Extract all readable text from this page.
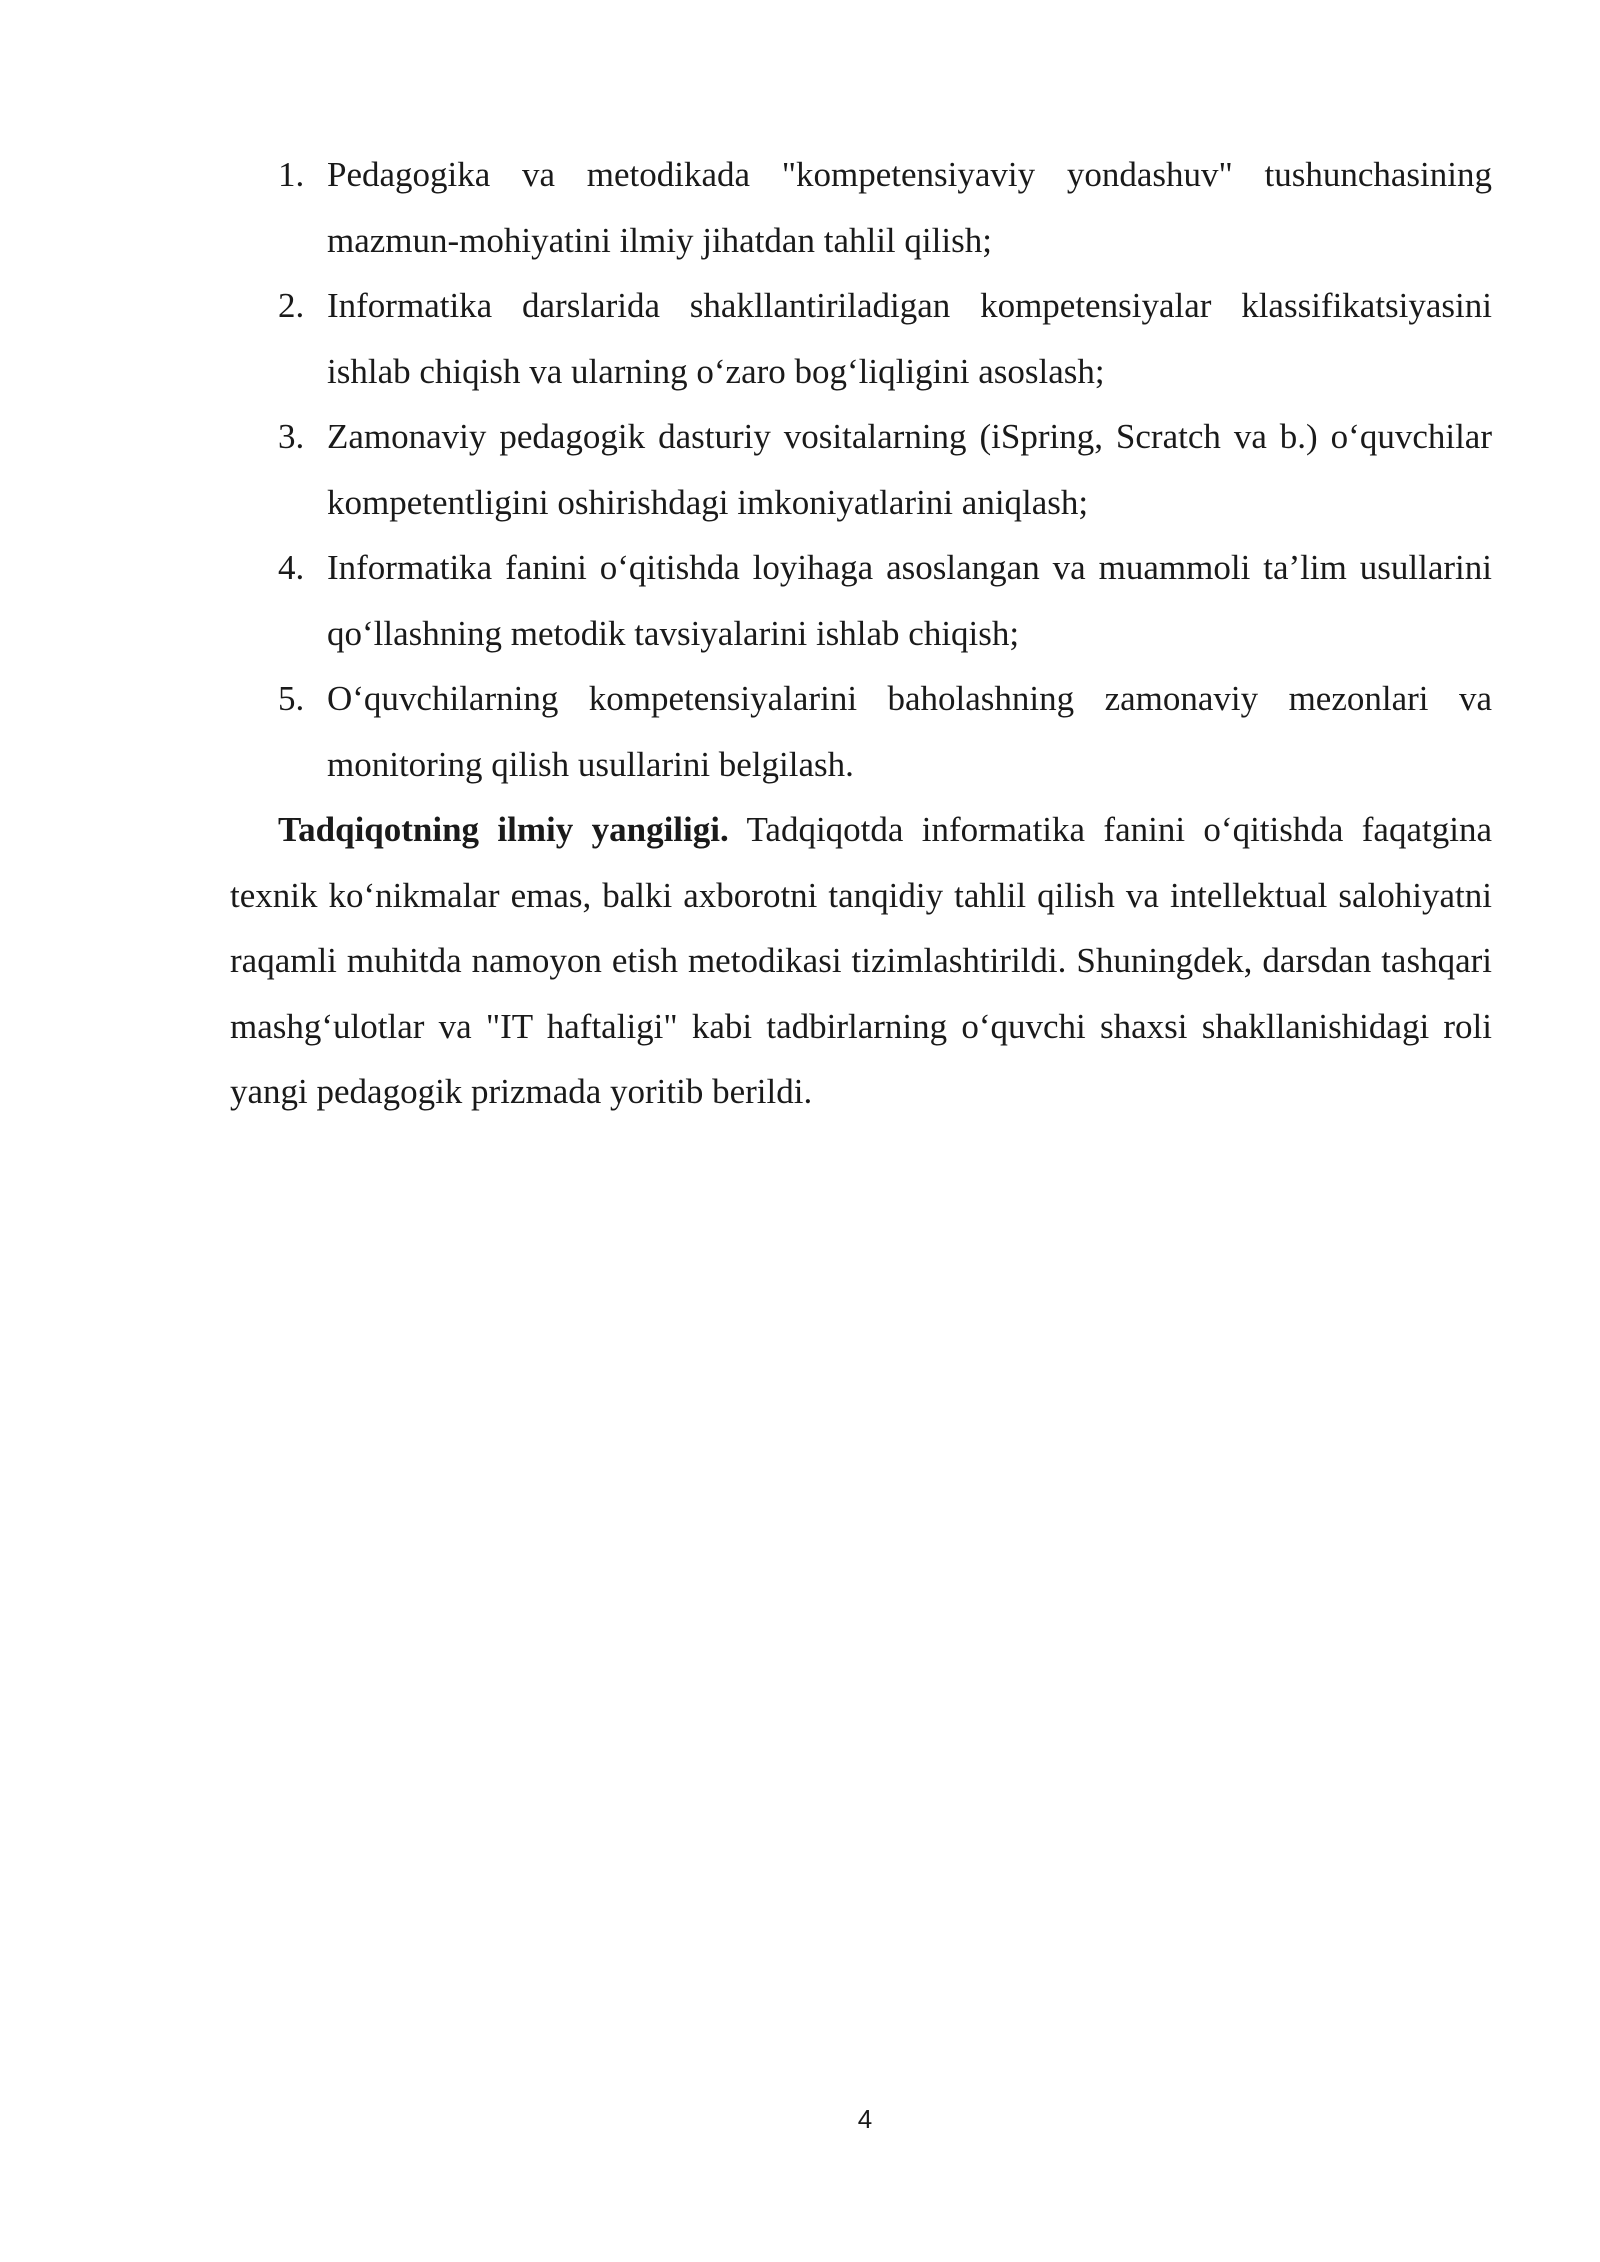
1. Pedagogika va metodikada "kompetensiyaviy yondashuv" tushunchasining mazmun-mohiyatini ilmiy jihatdan tahlil qilish;
2. Informatika darslarida shakllantiriladigan kompetensiyalar klassifikatsiyasini ishlab chiqish va ularning o‘zaro bog‘liqligini asoslash;
3. Zamonaviy pedagogik dasturiy vositalarning (iSpring, Scratch va b.) o‘quvchilar kompetentligini oshirishdagi imkoniyatlarini aniqlash;
4. Informatika fanini o‘qitishda loyihaga asoslangan va muammoli ta’lim usullarini qo‘llashning metodik tavsiyalarini ishlab chiqish;
5. O‘quvchilarning kompetensiyalarini baholashning zamonaviy mezonlari va monitoring qilish usullarini belgilash.

Tadqiqotning ilmiy yangiligi. Tadqiqotda informatika fanini o‘qitishda faqatgina texnik ko‘nikmalar emas, balki axborotni tanqidiy tahlil qilish va intellektual salohiyatni raqamli muhitda namoyon etish metodikasi tizimlashtirildi. Shuningdek, darsdan tashqari mashg‘ulotlar va "IT haftaligi" kabi tadbirlarning o‘quvchi shaxsi shakllanishidagi roli yangi pedagogik prizmada yoritib berildi.

4
